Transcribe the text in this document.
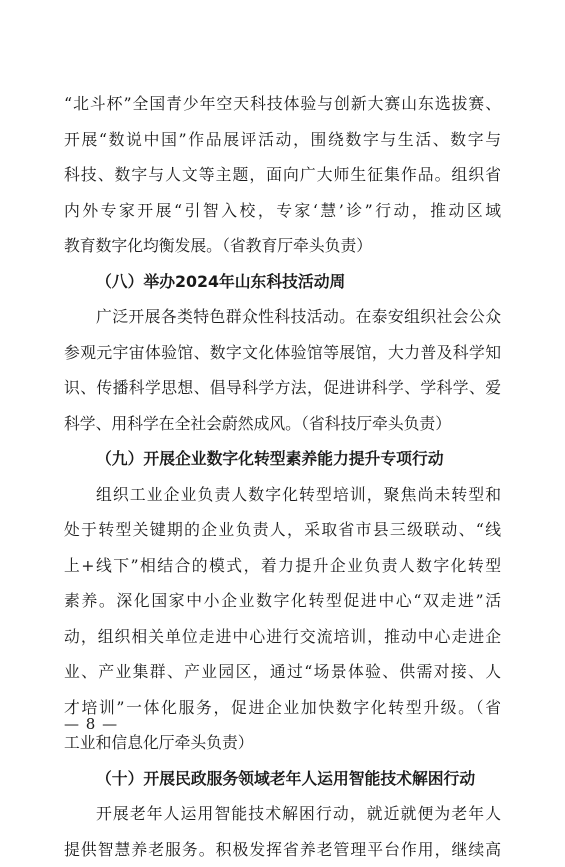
“北斗杯”全国青少年空天科技体验与创新大赛山东选拔赛、
开展“数说中国”作品展评活动，围绕数字与生活、数字与
科技、数字与人文等主题，面向广大师生征集作品。组织省
内外专家开展“引智入校，专家‘慧’诊”行动，推动区域
教育数字化均衡发展。（省教育厅牵头负责）
（八）举办2024年山东科技活动周
广泛开展各类特色群众性科技活动。在泰安组织社会公众
参观元宇宙体验馆、数字文化体验馆等展馆，大力普及科学知
识、传播科学思想、倡导科学方法，促进讲科学、学科学、爱
科学、用科学在全社会蔚然成风。（省科技厅牵头负责）
（九）开展企业数字化转型素养能力提升专项行动
组织工业企业负责人数字化转型培训，聚焦尚未转型和
处于转型关键期的企业负责人，采取省市县三级联动、“线
上+线下”相结合的模式，着力提升企业负责人数字化转型
素养。深化国家中小企业数字化转型促进中心“双走进”活
动，组织相关单位走进中心进行交流培训，推动中心走进企
业、产业集群、产业园区，通过“场景体验、供需对接、人
才培训”一体化服务，促进企业加快数字化转型升级。（省
工业和信息化厅牵头负责）
（十）开展民政服务领域老年人运用智能技术解困行动
开展老年人运用智能技术解困行动，就近就便为老年人
提供智慧养老服务。积极发挥省养老管理平台作用，继续高
— 8 —
